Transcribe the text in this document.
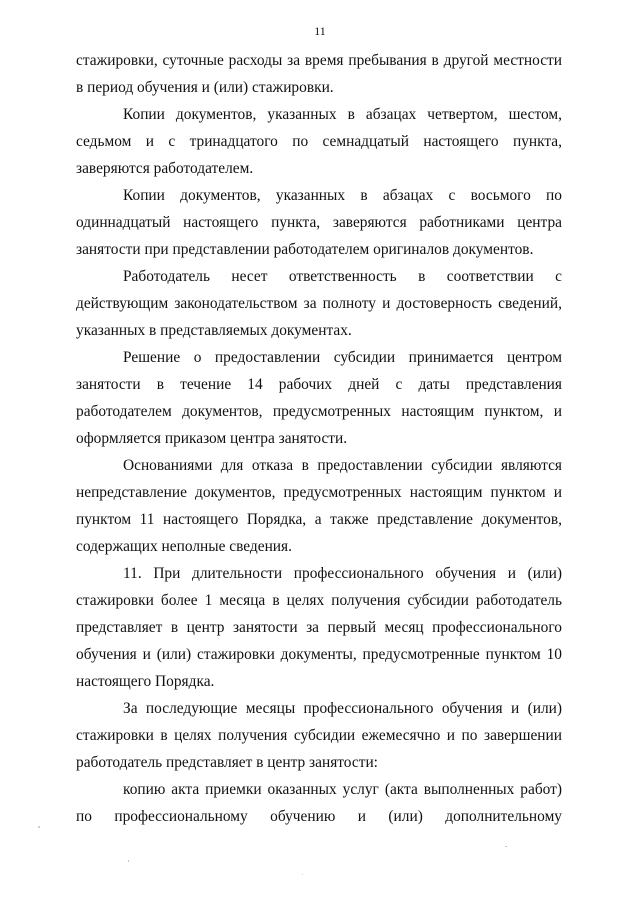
11

стажировки, суточные расходы за время пребывания в другой местности в период обучения и (или) стажировки.

Копии документов, указанных в абзацах четвертом, шестом, седьмом и с тринадцатого по семнадцатый настоящего пункта, заверяются работодателем.

Копии документов, указанных в абзацах с восьмого по одиннадцатый настоящего пункта, заверяются работниками центра занятости при представлении работодателем оригиналов документов.

Работодатель несет ответственность в соответствии с действующим законодательством за полноту и достоверность сведений, указанных в представляемых документах.

Решение о предоставлении субсидии принимается центром занятости в течение 14 рабочих дней с даты представления работодателем документов, предусмотренных настоящим пунктом, и оформляется приказом центра занятости.

Основаниями для отказа в предоставлении субсидии являются непредставление документов, предусмотренных настоящим пунктом и пунктом 11 настоящего Порядка, а также представление документов, содержащих неполные сведения.

11. При длительности профессионального обучения и (или) стажировки более 1 месяца в целях получения субсидии работодатель представляет в центр занятости за первый месяц профессионального обучения и (или) стажировки документы, предусмотренные пунктом 10 настоящего Порядка.

За последующие месяцы профессионального обучения и (или) стажировки в целях получения субсидии ежемесячно и по завершении работодатель представляет в центр занятости:

копию акта приемки оказанных услуг (акта выполненных работ) по профессиональному обучению и (или) дополнительному
